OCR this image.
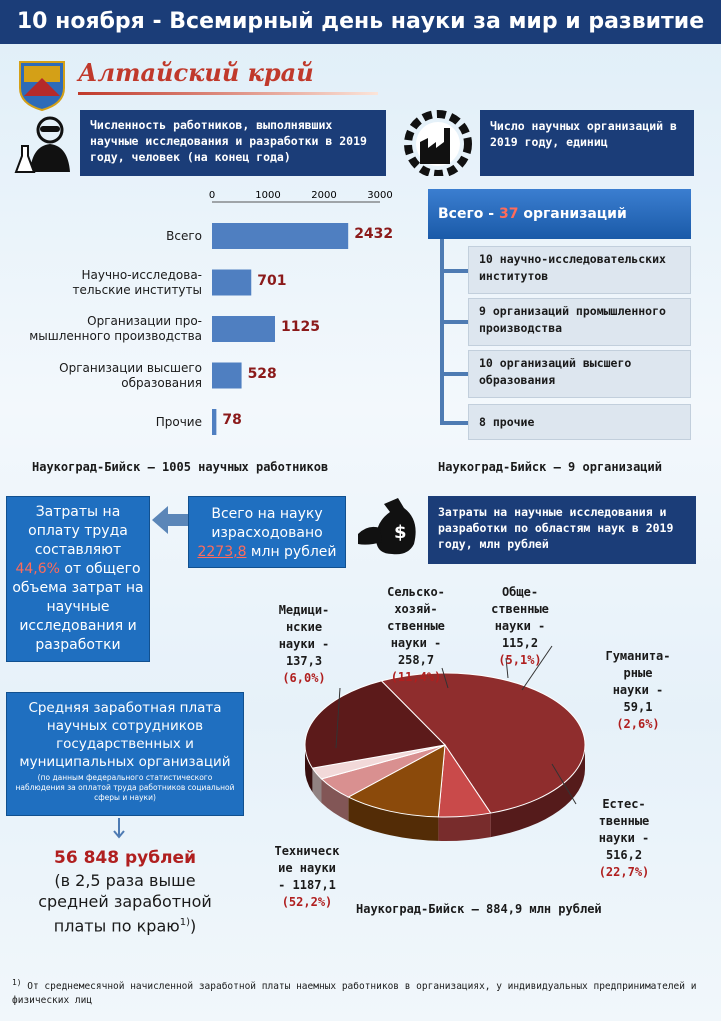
10 ноября - Всемирный день науки за мир и развитие
Алтайский край
Численность работников, выполнявших научные исследования и разработки в 2019 году, человек (на конец года)
Число научных организаций в 2019 году, единиц
0	1000	2000	3000
2432
Всего
701
Научно-исследова-
тельские институты
1125
Организации про-
мышленного производства
528
Организации высшего
образования
78
Прочие
Всего - 37 организаций
10 научно-исследовательских институтов
9 организаций промышленного производства
10 организаций высшего образования
8 прочие
Наукоград-Бийск – 1005 научных работников	Наукоград-Бийск – 9 организаций
Затраты на оплату труда составляют 44,6% от общего объема затрат на научные исследования и разработки
Всего на науку израсходовано
2273,8 млн рублей
$
Затраты на научные исследования и разработки по областям наук в 2019 году, млн рублей
Техническ
ие науки
- 1187,1
(52,2%)
Медици-
нские
науки -
137,3
(6,0%)
Сельско-
хозяй-
ственные
науки -
258,7
(11,4%)
Обще-
ственные
науки -
115,2
(5,1%)	Гуманита-
рные
науки -
59,1
(2,6%)
Естес-
твенные
науки -
516,2
(22,7%)
Наукоград-Бийск – 884,9 млн рублей
Средняя заработная плата научных сотрудников государственных и муниципальных организаций
(по данным федерального статистического наблюдения за оплатой труда работников социальной сферы и науки)
56 848 рублей
(в 2,5 раза выше
средней заработной
платы по краю$^{1)}$)
$^{1)}$ От среднемесячной начисленной заработной платы наемных работников в организациях, у индивидуальных предпринимателей и физических лиц
